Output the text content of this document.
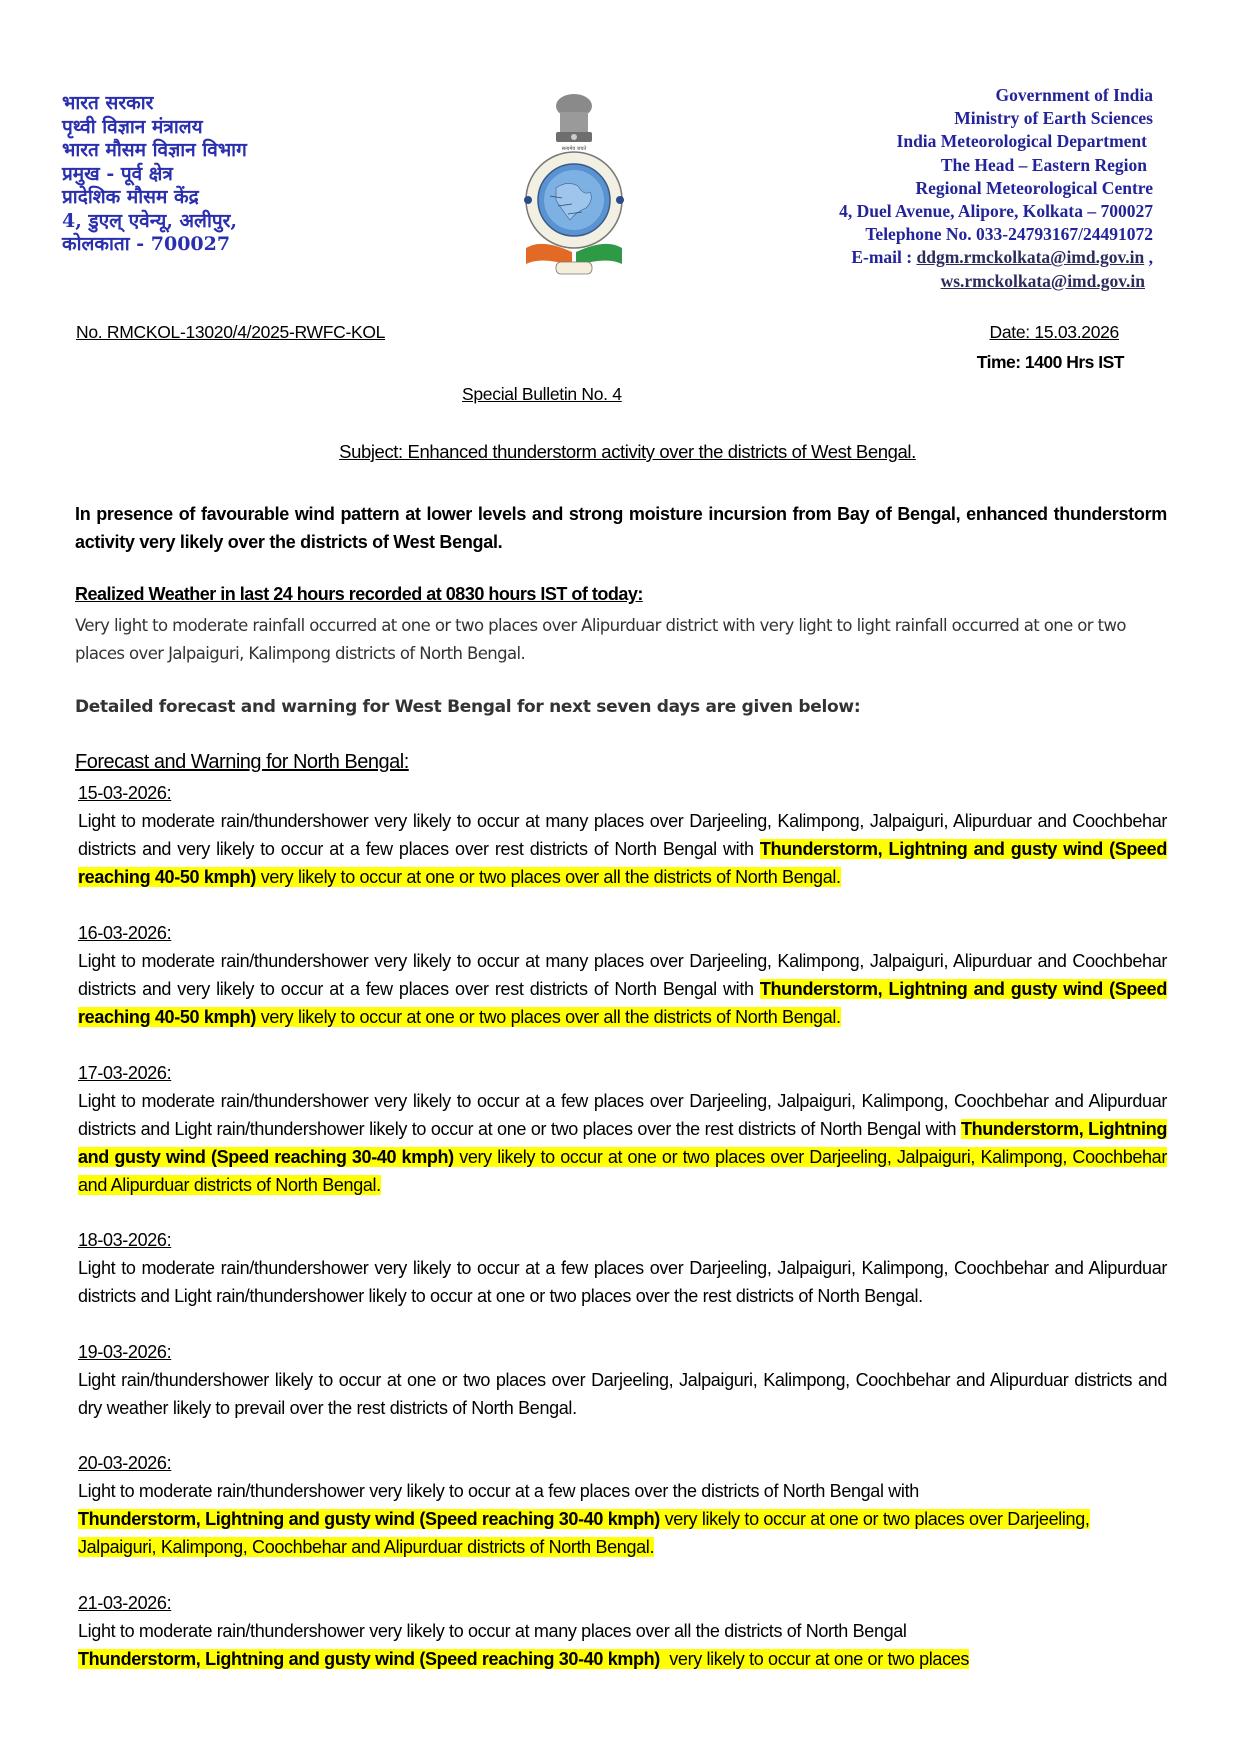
भारत सरकार
पृथ्वी विज्ञान मंत्रालय
भारत मौसम विज्ञान विभाग
प्रमुख - पूर्व क्षेत्र
प्रादेशिक मौसम केंद्र
4, डुएल् एवेन्यू, अलीपुर,
कोलकाता - 700027
सत्यमेव जयते
Government of India
Ministry of Earth Sciences
India Meteorological Department
The Head – Eastern Region
Regional Meteorological Centre
4, Duel Avenue, Alipore, Kolkata – 700027
Telephone No. 033-24793167/24491072
E-mail : ddgm.rmckolkata@imd.gov.in ,
ws.rmckolkata@imd.gov.in
No. RMCKOL-13020/4/2025-RWFC-KOL	Date: 15.03.2026
Time: 1400 Hrs IST
Special Bulletin No. 4
Subject: Enhanced thunderstorm activity over the districts of West Bengal.
In presence of favourable wind pattern at lower levels and strong moisture incursion from Bay of Bengal, enhanced thunderstorm activity very likely over the districts of West Bengal.
Realized Weather in last 24 hours recorded at 0830 hours IST of today:
Very light to moderate rainfall occurred at one or two places over Alipurduar district with very light to light rainfall occurred at one or two places over Jalpaiguri, Kalimpong districts of North Bengal.
Detailed forecast and warning for West Bengal for next seven days are given below:
Forecast and Warning for North Bengal:
15-03-2026:
Light to moderate rain/thundershower very likely to occur at many places over Darjeeling, Kalimpong, Jalpaiguri, Alipurduar and Coochbehar districts and very likely to occur at a few places over rest districts of North Bengal with Thunderstorm, Lightning and gusty wind (Speed reaching 40-50 kmph) very likely to occur at one or two places over all the districts of North Bengal.
16-03-2026:
Light to moderate rain/thundershower very likely to occur at many places over Darjeeling, Kalimpong, Jalpaiguri, Alipurduar and Coochbehar districts and very likely to occur at a few places over rest districts of North Bengal with Thunderstorm, Lightning and gusty wind (Speed reaching 40-50 kmph) very likely to occur at one or two places over all the districts of North Bengal.
17-03-2026:
Light to moderate rain/thundershower very likely to occur at a few places over Darjeeling, Jalpaiguri, Kalimpong, Coochbehar and Alipurduar districts and Light rain/thundershower likely to occur at one or two places over the rest districts of North Bengal with Thunderstorm, Lightning and gusty wind (Speed reaching 30-40 kmph) very likely to occur at one or two places over Darjeeling, Jalpaiguri, Kalimpong, Coochbehar and Alipurduar districts of North Bengal.
18-03-2026:
Light to moderate rain/thundershower very likely to occur at a few places over Darjeeling, Jalpaiguri, Kalimpong, Coochbehar and Alipurduar districts and Light rain/thundershower likely to occur at one or two places over the rest districts of North Bengal.
19-03-2026:
Light rain/thundershower likely to occur at one or two places over Darjeeling, Jalpaiguri, Kalimpong, Coochbehar and Alipurduar districts and dry weather likely to prevail over the rest districts of North Bengal.
20-03-2026:
Light to moderate rain/thundershower very likely to occur at a few places over the districts of North Bengal with
Thunderstorm, Lightning and gusty wind (Speed reaching 30-40 kmph) very likely to occur at one or two places over Darjeeling, Jalpaiguri, Kalimpong, Coochbehar and Alipurduar districts of North Bengal.
21-03-2026:
Light to moderate rain/thundershower very likely to occur at many places over all the districts of North Bengal
Thunderstorm, Lightning and gusty wind (Speed reaching 30-40 kmph)  very likely to occur at one or two places
